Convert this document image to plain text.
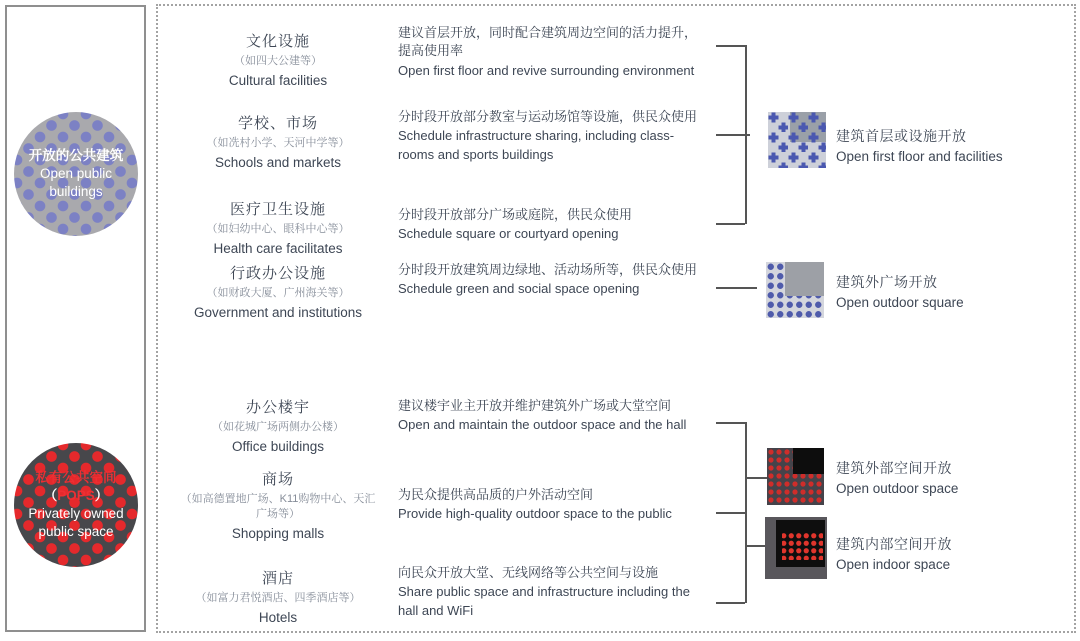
开放的公共建筑
Open public buildings
私有公共空间
（POPS） Privately owned public space
文化设施
（如四大公建等）
Cultural facilities
建议首层开放，同时配合建筑周边空间的活力提升，提高使用率
Open first floor and revive surrounding environment
学校、市场
（如冼村小学、天河中学等）
Schools and markets
分时段开放部分教室与运动场馆等设施，供民众使用
Schedule infrastructure sharing, including class-rooms and sports buildings
医疗卫生设施
（如妇幼中心、眼科中心等）
Health care facilitates
分时段开放部分广场或庭院，供民众使用
Schedule square or courtyard opening
行政办公设施
（如财政大厦、广州海关等）
Government and institutions
分时段开放建筑周边绿地、活动场所等，供民众使用
Schedule green and social space opening
办公楼宇
（如花城广场两侧办公楼）
Office buildings
建议楼宇业主开放并维护建筑外广场或大堂空间
Open and maintain the outdoor space and the hall
商场
（如高德置地广场、K11购物中心、天汇广场等）
Shopping malls
为民众提供高品质的户外活动空间
Provide high-quality outdoor space to the public
酒店
（如富力君悦酒店、四季酒店等）
Hotels
向民众开放大堂、无线网络等公共空间与设施
Share public space and infrastructure including the hall and WiFi
建筑首层或设施开放
Open first floor and facilities
建筑外广场开放
Open outdoor square
建筑外部空间开放
Open outdoor space
建筑内部空间开放
Open indoor space
